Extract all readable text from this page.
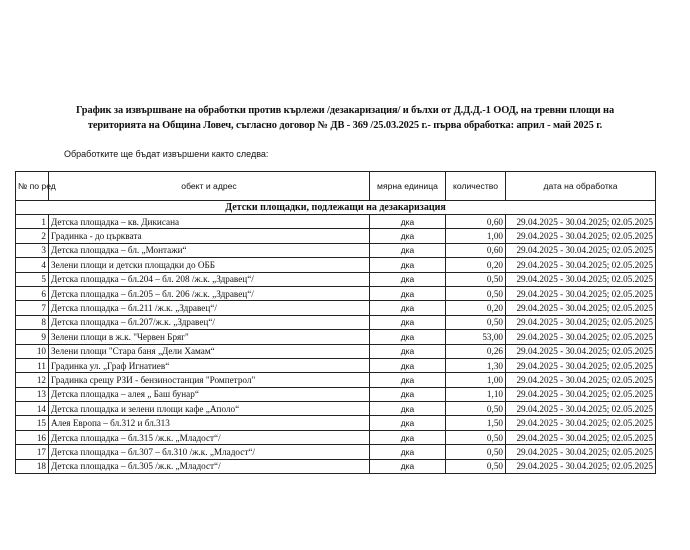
График за извършване на обработки против кърлежи /дезакаризация/ и бълхи от Д.Д.Д.-1 ООД, на тревни площи на
територията на Община Ловеч, съгласно договор № ДВ - 369 /25.03.2025 г.- първа обработка: април - май 2025 г.
Обработките ще бъдат извършени както следва:
№ по ред	обект и адрес	мярна единица	количество	дата на обработка
Детски площадки, подлежащи на дезакаризация				
1	Детска площадка – кв. Дикисана	дка	0,60	29.04.2025 - 30.04.2025; 02.05.2025
2	Градинка - до църквата	дка	1,00	29.04.2025 - 30.04.2025; 02.05.2025
3	Детска площадка – бл. „Монтажи“	дка	0,60	29.04.2025 - 30.04.2025; 02.05.2025
4	Зелени площи и детски площадки до ОББ	дка	0,20	29.04.2025 - 30.04.2025; 02.05.2025
5	Детска площадка – бл.204 – бл. 208 /ж.к. „Здравец“/	дка	0,50	29.04.2025 - 30.04.2025; 02.05.2025
6	Детска площадка – бл.205 – бл. 206 /ж.к. „Здравец“/	дка	0,50	29.04.2025 - 30.04.2025; 02.05.2025
7	Детска площадка – бл.211 /ж.к. „Здравец“/	дка	0,20	29.04.2025 - 30.04.2025; 02.05.2025
8	Детска площадка – бл.207/ж.к. „Здравец“/	дка	0,50	29.04.2025 - 30.04.2025; 02.05.2025
9	Зелени площи в ж.к. "Червен Бряг"	дка	53,00	29.04.2025 - 30.04.2025; 02.05.2025
10	Зелени площи "Стара баня „Дели Хамам“	дка	0,26	29.04.2025 - 30.04.2025; 02.05.2025
11	Градинка ул. „Граф Игнатиев“	дка	1,30	29.04.2025 - 30.04.2025; 02.05.2025
12	Градинка срещу РЗИ - бензиностанция "Ромпетрол"	дка	1,00	29.04.2025 - 30.04.2025; 02.05.2025
13	Детска площадка – алея „ Баш бунар“	дка	1,10	29.04.2025 - 30.04.2025; 02.05.2025
14	Детска площадка и зелени площи кафе „Аполо“	дка	0,50	29.04.2025 - 30.04.2025; 02.05.2025
15	Алея Европа – бл.312 и бл.313	дка	1,50	29.04.2025 - 30.04.2025; 02.05.2025
16	Детска площадка – бл.315 /ж.к. „Младост“/	дка	0,50	29.04.2025 - 30.04.2025; 02.05.2025
17	Детска площадка – бл.307 – бл.310 /ж.к. „Младост“/	дка	0,50	29.04.2025 - 30.04.2025; 02.05.2025
18	Детска площадка – бл.305 /ж.к. „Младост“/	дка	0,50	29.04.2025 - 30.04.2025; 02.05.2025
